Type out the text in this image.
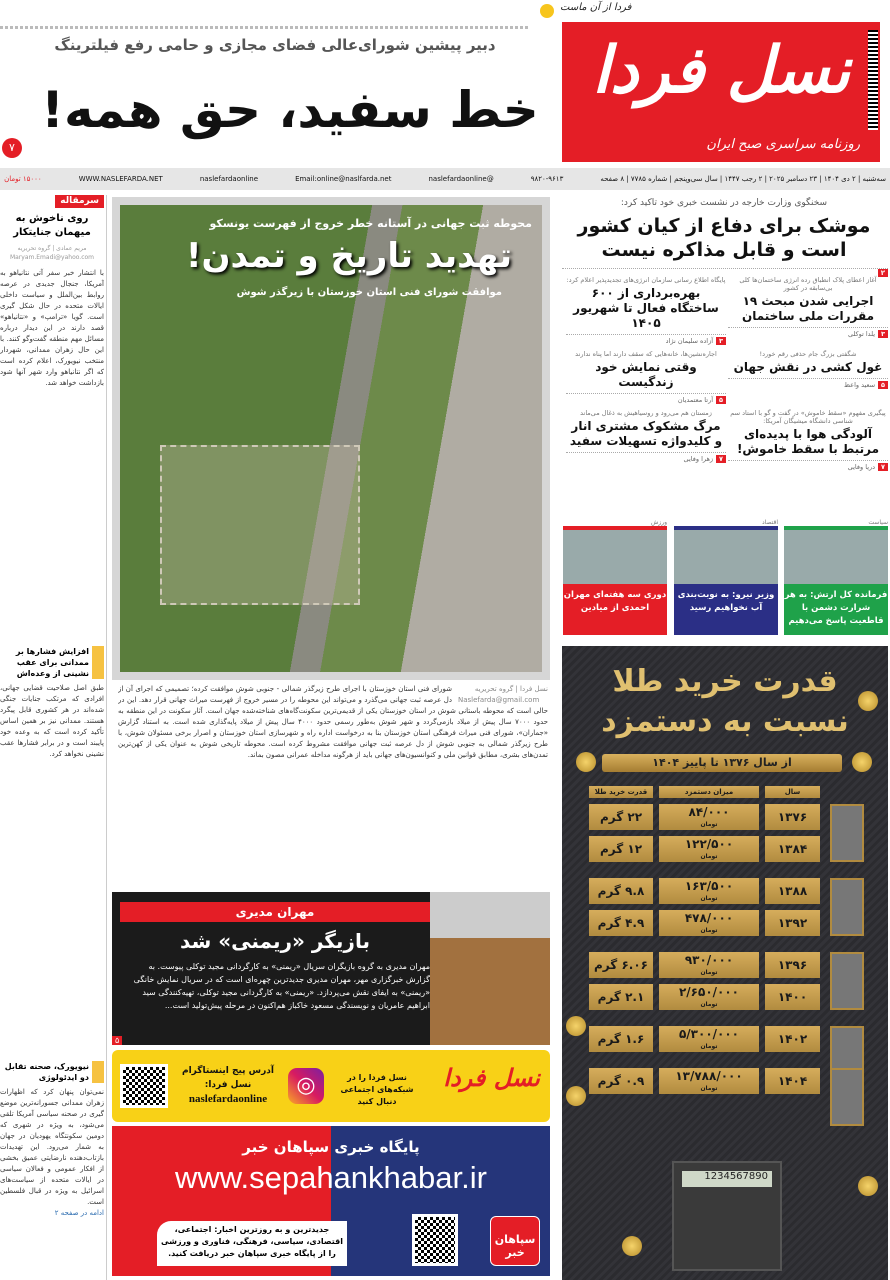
فردا از آن ماست
نسل فردا
روزنامه سراسری صبح ایران
دبیر پیشین شورای‌عالی فضای مجازی و حامی رفع فیلترینگ
خط سفید، حق همه!
۷
سه‌شنبه | ۲ دی ۱۴۰۴ | ۲۳ دسامبر ۲۰۲۵ | ۲ رجب ۱۴۴۷ | سال سی‌وپنجم | شماره ۷۷۸۵ | ۸ صفحه
۹۸۲۰-۹۶۱۳
@naslefardaonline
Email:online@naslfarda.net
naslefardaonline
WWW.NASLEFARDA.NET
۱۵۰۰۰ تومان
سرمقاله
روی ناخوش به میهمان جنایتکار
مریم عمادی | گروه تحریریه
Maryam.Emadi@yahoo.com

با انتشار خبر سفر آتی نتانیاهو به آمریکا، جنجال جدیدی در عرصه روابط بین‌الملل و سیاست داخلی ایالات متحده در حال شکل گیری است. گویا «ترامپ» و «نتانیاهو» قصد دارند در این دیدار درباره مسائل مهم منطقه گفت‌وگو کنند. با این حال زهران ممدانی، شهردار منتخب نیویورک، اعلام کرده است که اگر نتانیاهو وارد شهر آنها شود بازداشت خواهد شد.

افزایش فشارها بر ممدانی برای عقب نشینی از وعده‌اش

طبق اصل صلاحیت قضایی جهانی، افرادی که مرتکب جنایات جنگی شده‌اند در هر کشوری قابل پیگرد هستند. ممدانی نیز بر همین اساس تأکید کرده است که به وعده خود پایبند است و در برابر فشارها عقب نشینی نخواهد کرد.

نیویورک، صحنه تقابل دو ایدئولوژی

نمی‌توان پنهان کرد که اظهارات زهران ممدانی جسورانه‌ترین موضع گیری در صحنه سیاسی آمریکا تلقی می‌شود، به ویژه در شهری که دومین سکونتگاه یهودیان در جهان به شمار می‌رود. این تهدیدات بازتاب‌دهنده نارضایتی عمیق بخشی از افکار عمومی و فعالان سیاسی در ایالات متحده از سیاست‌های اسرائیل به ویژه در قبال فلسطین است.

ادامه در صفحه ۲
محوطه ثبت جهانی در آستانه خطر خروج از فهرست یونسکو
تهدید تاریخ و تمدن!
موافقت شورای فنی استان خوزستان با زیرگذر شوش
نسل فردا | گروه تحریریه
Naslefarda@gmail.com

شورای فنی استان خوزستان با اجرای طرح زیرگذر شمالی - جنوبی شوش موافقت کرده؛ تصمیمی که اجرای آن از دل عرصه ثبت جهانی می‌گذرد و می‌تواند این محوطه را در مسیر خروج از فهرست میراث جهانی قرار دهد. این در حالی است که محوطه باستانی شوش در استان خوزستان یکی از قدیمی‌ترین سکونت‌گاه‌های شناخته‌شده جهان است. آثار سکونت در این منطقه به حدود ۷۰۰۰ سال پیش از میلاد بازمی‌گردد و شهر شوش به‌طور رسمی حدود ۴۰۰۰ سال پیش از میلاد پایه‌گذاری شده است. به استناد گزارش «جماران»، شورای فنی میراث فرهنگی استان خوزستان بنا به درخواست اداره راه و شهرسازی استان خوزستان و اصرار برخی مسئولان شوش، با طرح زیرگذر شمالی به جنوبی شوش از دل عرصه ثبت جهانی موافقت مشروط کرده است. محوطه تاریخی شوش به عنوان یکی از کهن‌ترین تمدن‌های بشری، مطابق قوانین ملی و کنوانسیون‌های جهانی باید از هرگونه مداخله عمرانی مصون بماند.

مهران مدیری
بازیگر «ریمنی» شد
مهران مدیری به گروه بازیگران سریال «ریمنی» به کارگردانی مجید توکلی پیوست. به گزارش خبرگزاری مهر، مهران مدیری جدیدترین چهره‌ای است که در سریال نمایش خانگی «ریمنی» به ایفای نقش می‌پردازد. «ریمنی» به کارگردانی مجید توکلی، تهیه‌کنندگی سید ابراهیم عامریان و نویسندگی مسعود خاکباز هم‌اکنون در مرحله پیش‌تولید است...
۵
نسل فردا
نسل فردا را در شبکه‌های اجتماعی دنبال کنید
◎
آدرس پیج اینستاگرام نسل فردا:
naslefardaonline
پایگاه خبری سپاهان خبر
www.sepahankhabar.ir
جدیدترین و به روزترین اخبار: اجتماعی، اقتصادی، سیاسی، فرهنگی، فناوری و ورزشی را از پایگاه خبری سپاهان خبر دریافت کنید.
سپاهان خبر
سخنگوی وزارت خارجه در نشست خبری خود تاکید کرد:
موشک برای دفاع از کیان کشور است و قابل مذاکره نیست
۲
آغاز اعطای پلاک انطباق رده انرژی ساختمان‌ها کلی بی‌سابقه در کشور
اجرایی شدن مبحث ۱۹ مقررات ملی ساختمان
۳یلدا توکلی
پایگاه اطلاع رسانی سازمان انرژی‌های تجدیدپذیر اعلام کرد:
بهره‌برداری از ۶۰۰ ساختگاه فعال تا شهریور ۱۴۰۵
۳آزاده سلیمان نژاد
شگفتی بزرگ جام حذفی رقم خورد!
غول کشی در نقش جهان
۵سعید واعظ
اجاره‌نشین‌ها، خانه‌هایی که سقف دارند اما پناه ندارند
وقتی نمایش خود زندگیست
۵آرتا معتمدیان
پیگیری مفهوم «سقط خاموش» در گفت و گو با استاد سم شناسی دانشگاه میشیگان آمریکا:
آلودگی هوا با پدیده‌ای مرتبط با سقط خاموش!
۷دریا وفایی
زمستان هم می‌رود و روسیاهیش به ذغال می‌ماند
مرگ مشکوک مشتری انار و کلیدواژه تسهیلات سفید
۷زهرا وفایی
سیاست
فرمانده کل ارتش: به هر شرارت دشمن با قاطعیت پاسخ می‌دهیم
اقتصاد
وزیر نیرو: به نوبت‌بندی آب نخواهیم رسید
ورزش
دوری سه هفته‌ای مهران احمدی از میادین
قدرت خرید طلا
نسبت به دستمزد
از سال ۱۳۷۶ تا پاییز ۱۴۰۴
سال
میزان دستمزد
قدرت خرید طلا
۱۳۷۶
۸۴/۰۰۰
تومان
۲۲ گرم
۱۳۸۴
۱۲۲/۵۰۰
تومان
۱۲ گرم
۱۳۸۸
۱۶۳/۵۰۰
تومان
۹.۸ گرم
۱۳۹۲
۴۷۸/۰۰۰
تومان
۴.۹ گرم
۱۳۹۶
۹۳۰/۰۰۰
تومان
۶.۰۶ گرم
۱۴۰۰
۲/۶۵۰/۰۰۰
تومان
۲.۱ گرم
۱۴۰۲
۵/۳۰۰/۰۰۰
تومان
۱.۶ گرم
۱۴۰۴
۱۳/۷۸۸/۰۰۰
تومان
۰.۹ گرم
1234567890
